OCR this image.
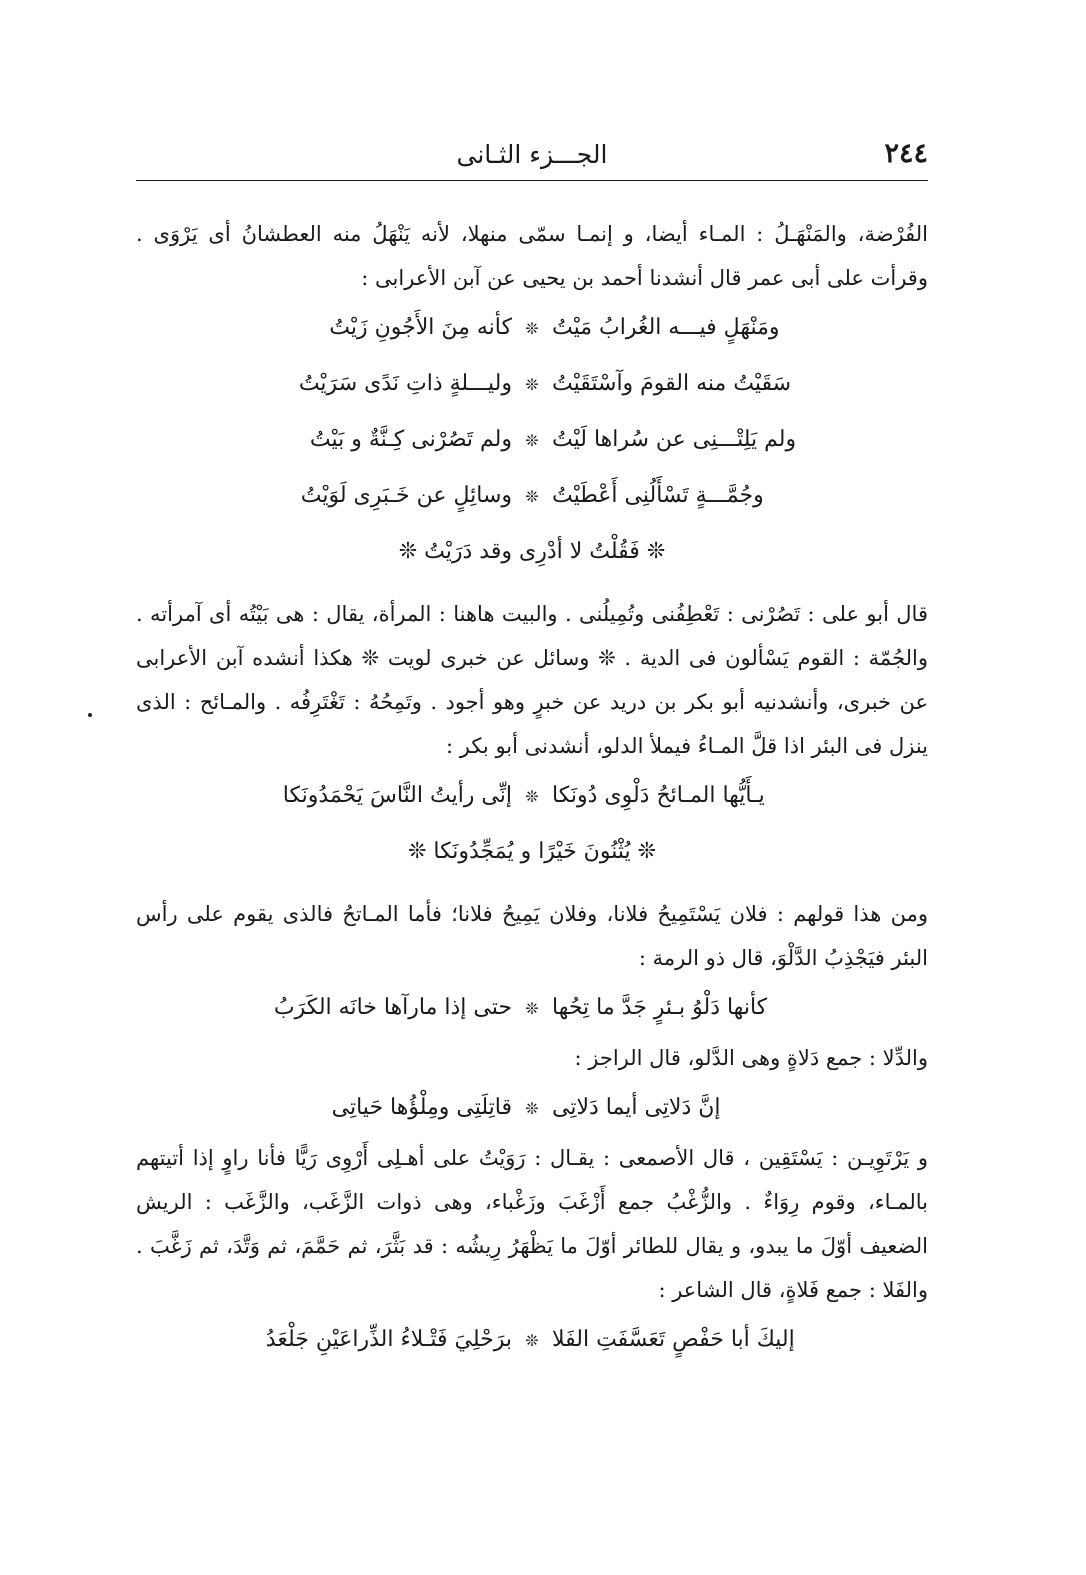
٢٤٤
الجـــزء الثـانى

الفُرْضة، والمَنْهَـلُ : المـاء أيضا، و إنمـا سمّى منهلا، لأنه يَنْهَلُ منه العطشانُ أى يَرْوَى . وقرأت على أبى عمر قال أنشدنا أحمد بن يحيى عن آبن الأعرابى :

ومَنْهَلٍ فيـــه الغُرابُ مَيْتُ
❊
كأنه مِنَ الأَجُونِ زَيْتُ
سَقَيْتُ منه القومَ وآسْتَقَيْتُ
❊
وليـــلةٍ ذاتِ نَدًى سَرَيْتُ
ولم يَلِتْـــنِى عن سُراها لَيْتُ
❊
ولم تَصُرْنى كِـنَّةٌ و بَيْتُ
وجُمَّـــةٍ تَسْأَلُنِى أَعْطَيْتُ
❊
وسائِلٍ عن خَـبَرِى لَوَيْتُ
❊ فَقُلْتُ لا أدْرِى وقد دَرَيْتُ ❊

قال أبو على : تَصُرْنى : تَعْطِفُنى وتُمِيلُنى . والبيت هاهنا : المرأة، يقال : هى بَيْتُه أى آمرأته . والجُمّة : القوم يَسْألون فى الدية . ❊ وسائل عن خبرى لويت ❊ هكذا أنشده آبن الأعرابى عن خبرى، وأنشدنيه أبو بكر بن دريد عن خبرٍ وهو أجود . وتَمِحُهُ : تَغْتَرِفُه . والمـائح : الذى ينزل فى البئر اذا قلَّ المـاءُ فيملأ الدلو، أنشدنى أبو بكر :

يـأَيُّها المـائحُ دَلْوِى دُونَكا
❊
إنِّى رأيتُ النَّاسَ يَحْمَدُونَكا
❊ يُثْنُونَ خَيْرًا و يُمَجِّدُونَكا ❊

ومن هذا قولهم : فلان يَسْتَمِيحُ فلانا، وفلان يَمِيحُ فلانا؛ فأما المـاتحُ فالذى يقوم على رأس البئر فيَجْذِبُ الدَّلْوَ، قال ذو الرمة :

كأنها دَلْوُ بـئرٍ جَدَّ ما تِحُها
❊
حتى إذا مارآها خانَه الكَرَبُ

والدِّلا : جمع دَلاةٍ وهى الدَّلو، قال الراجز :

إنَّ دَلاتِى أيما دَلاتِى
❊
قاتِلَتِى ومِلْؤُها حَياتِى

و يَرْتَوِيـن : يَسْتَقِين ، قال الأصمعى : يقـال : رَوَيْتُ على أهـلِى أَرْوِى رَيًّا فأنا راوٍ إذا أتيتهم بالمـاء، وقوم رِوَاءٌ . والزُّغْبُ جمع أَزْغَبَ وزَغْباء، وهى ذوات الزَّغَب، والزَّغَب : الريش الضعيف أوّلَ ما يبدو، و يقال للطائر أوّلَ ما يَظْهَرُ رِيشُه : قد بَثَّرَ، ثم حَمَّمَ، ثم وَتَّدَ، ثم زَغَّبَ . والفَلا : جمع فَلاةٍ، قال الشاعر :

إليكَ أبا حَفْصٍ تَعَسَّفَتِ الفَلا
❊
برَحْلِيَ فَتْـلاءُ الذِّراعَيْنِ جَلْعَدُ
